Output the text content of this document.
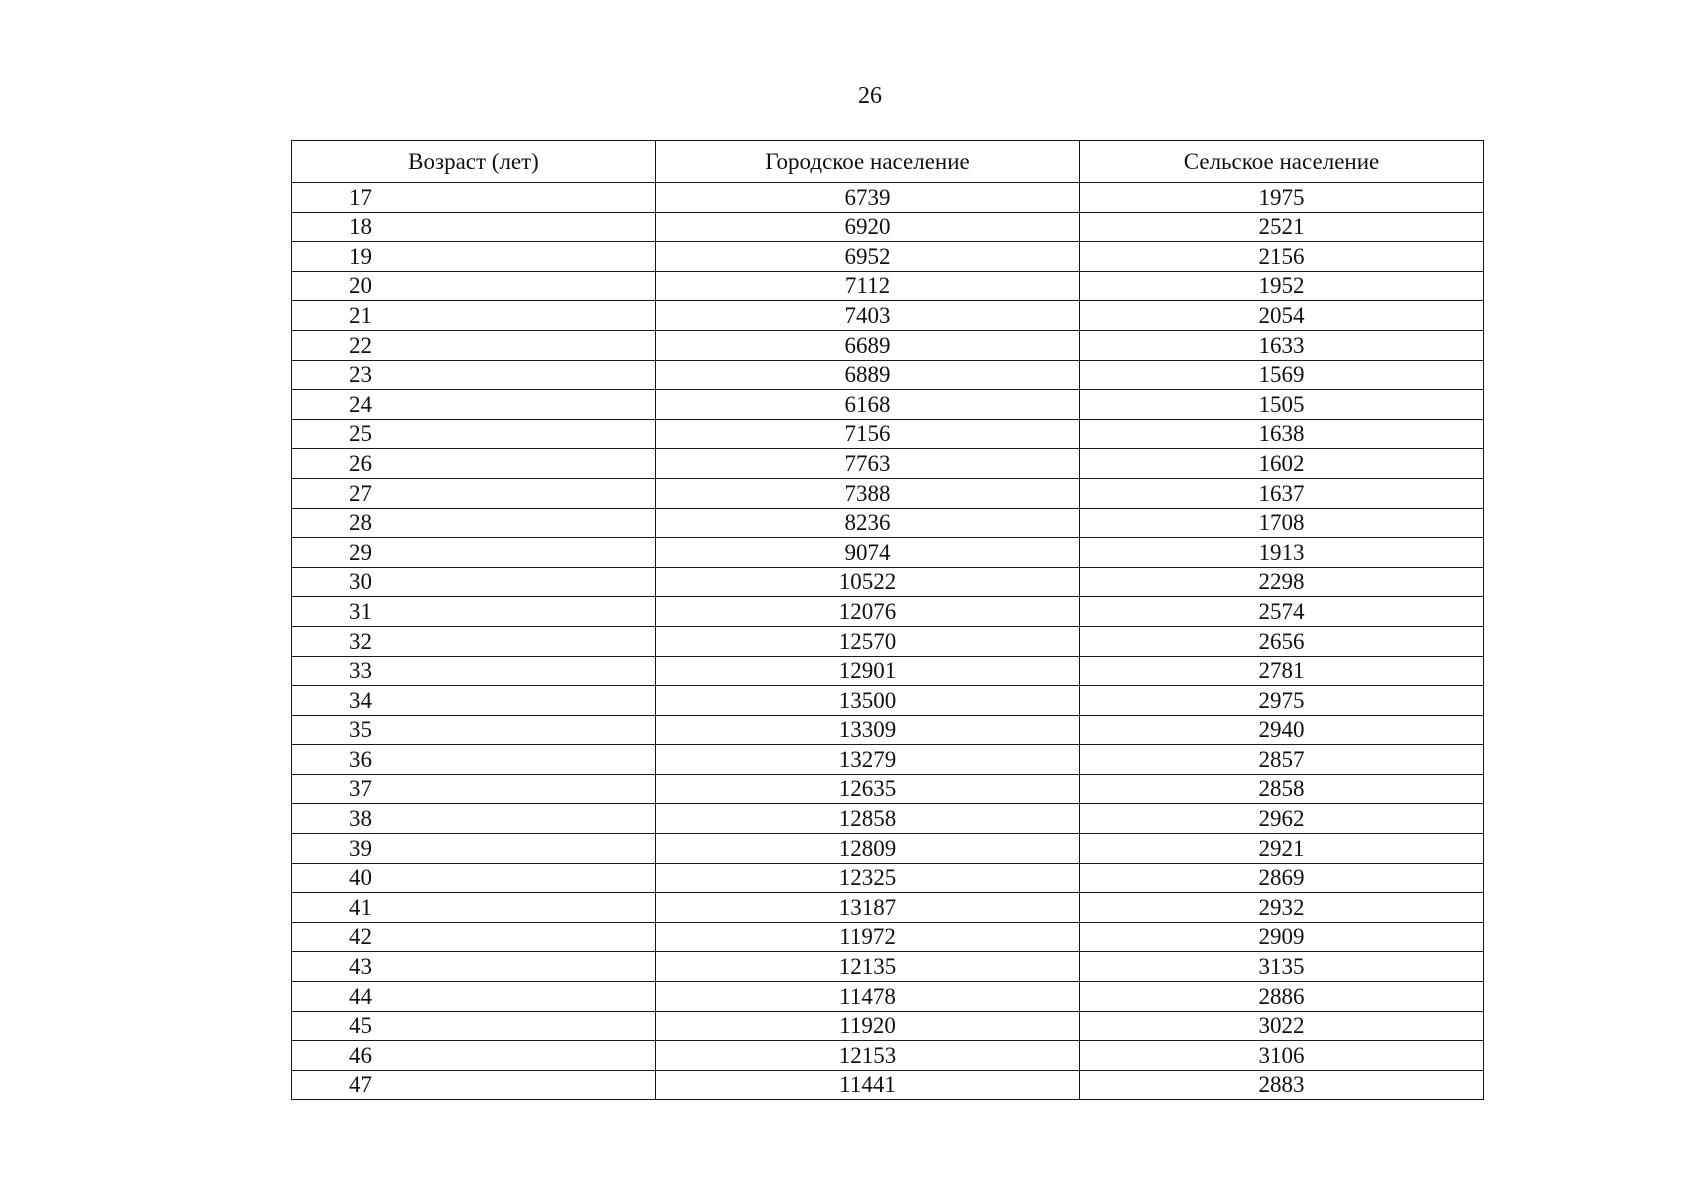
26
Возраст (лет)	Городское население	Сельское население
17	6739	1975
18	6920	2521
19	6952	2156
20	7112	1952
21	7403	2054
22	6689	1633
23	6889	1569
24	6168	1505
25	7156	1638
26	7763	1602
27	7388	1637
28	8236	1708
29	9074	1913
30	10522	2298
31	12076	2574
32	12570	2656
33	12901	2781
34	13500	2975
35	13309	2940
36	13279	2857
37	12635	2858
38	12858	2962
39	12809	2921
40	12325	2869
41	13187	2932
42	11972	2909
43	12135	3135
44	11478	2886
45	11920	3022
46	12153	3106
47	11441	2883
